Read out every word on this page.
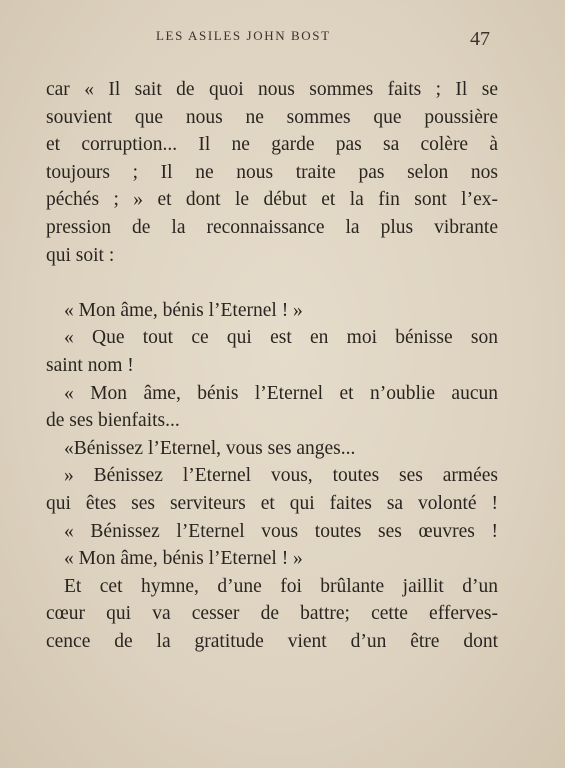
LES ASILES JOHN BOST	47
car « Il sait de quoi nous sommes faits ; Il se
souvient que nous ne sommes que poussière
et corruption... Il ne garde pas sa colère à
toujours ; Il ne nous traite pas selon nos
péchés ; » et dont le début et la fin sont l’ex-
pression de la reconnaissance la plus vibrante
qui soit :
« Mon âme, bénis l’Eternel ! »
« Que tout ce qui est en moi bénisse son
saint nom !
« Mon âme, bénis l’Eternel et n’oublie aucun
de ses bienfaits...
«Bénissez l’Eternel, vous ses anges...
» Bénissez l’Eternel vous, toutes ses armées
qui êtes ses serviteurs et qui faites sa volonté !
« Bénissez l’Eternel vous toutes ses œuvres !
« Mon âme, bénis l’Eternel ! »
Et cet hymne, d’une foi brûlante jaillit d’un
cœur qui va cesser de battre; cette efferves-
cence de la gratitude vient d’un être dont
